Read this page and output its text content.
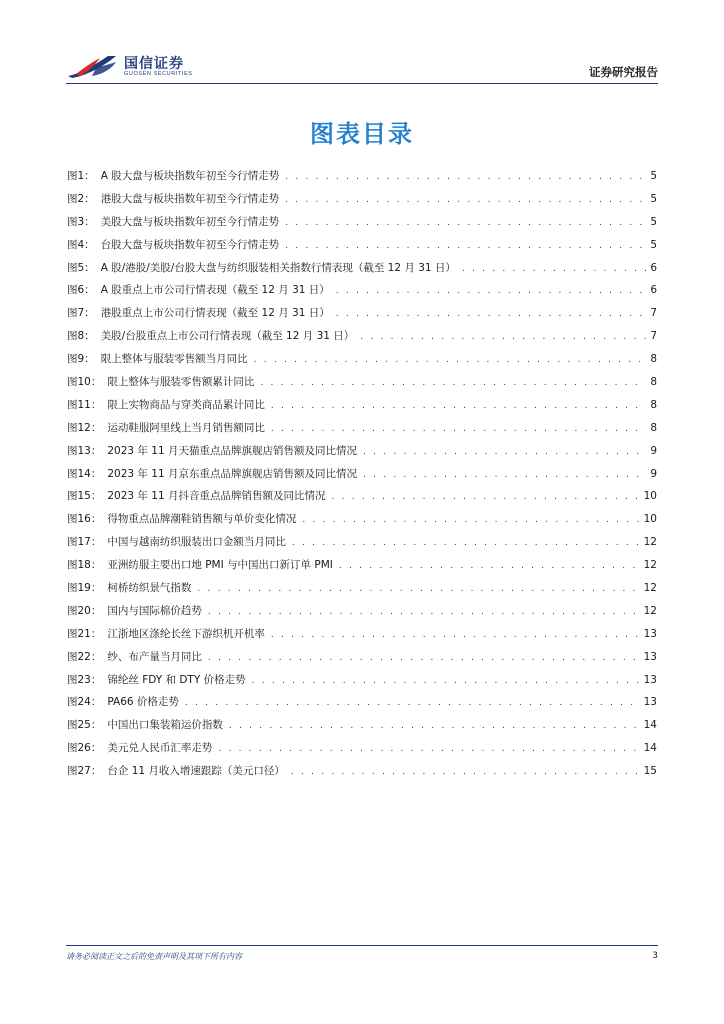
国信证券
GUOSEN SECURITIES	证券研究报告
图表目录
图1： A 股大盘与板块指数年初至今行情走势 . . .	5
图2： 港股大盘与板块指数年初至今行情走势 . . .	5
图3： 美股大盘与板块指数年初至今行情走势 . . .	5
图4： 台股大盘与板块指数年初至今行情走势 . . .	5
图5： A 股/港股/美股/台股大盘与纺织服装相关指数行情表现（截至 12 月 31 日） . . .	6
图6： A 股重点上市公司行情表现（截至 12 月 31 日） . . .	6
图7： 港股重点上市公司行情表现（截至 12 月 31 日） . . .	7
图8： 美股/台股重点上市公司行情表现（截至 12 月 31 日） . . .	7
图9： 限上整体与服装零售额当月同比 . . .	8
图10： 限上整体与服装零售额累计同比 . . .	8
图11： 限上实物商品与穿类商品累计同比 . . .	8
图12： 运动鞋服阿里线上当月销售额同比 . . .	8
图13： 2023 年 11 月天猫重点品牌旗舰店销售额及同比情况 . . .	9
图14： 2023 年 11 月京东重点品牌旗舰店销售额及同比情况 . . .	9
图15： 2023 年 11 月抖音重点品牌销售额及同比情况 . . .	10
图16： 得物重点品牌潮鞋销售额与单价变化情况 . . .	10
图17： 中国与越南纺织服装出口金额当月同比 . . .	12
图18： 亚洲纺服主要出口地 PMI 与中国出口新订单 PMI . . .	12
图19： 柯桥纺织景气指数 . . .	12
图20： 国内与国际棉价趋势 . . .	12
图21： 江浙地区涤纶长丝下游织机开机率 . . .	13
图22： 纱、布产量当月同比 . . .	13
图23： 锦纶丝 FDY 和 DTY 价格走势 . . .	13
图24： PA66 价格走势 . . .	13
图25： 中国出口集装箱运价指数 . . .	14
图26： 美元兑人民币汇率走势 . . .	14
图27： 台企 11 月收入增速跟踪（美元口径） . . .	15
请务必阅读正文之后的免责声明及其项下所有内容	3
